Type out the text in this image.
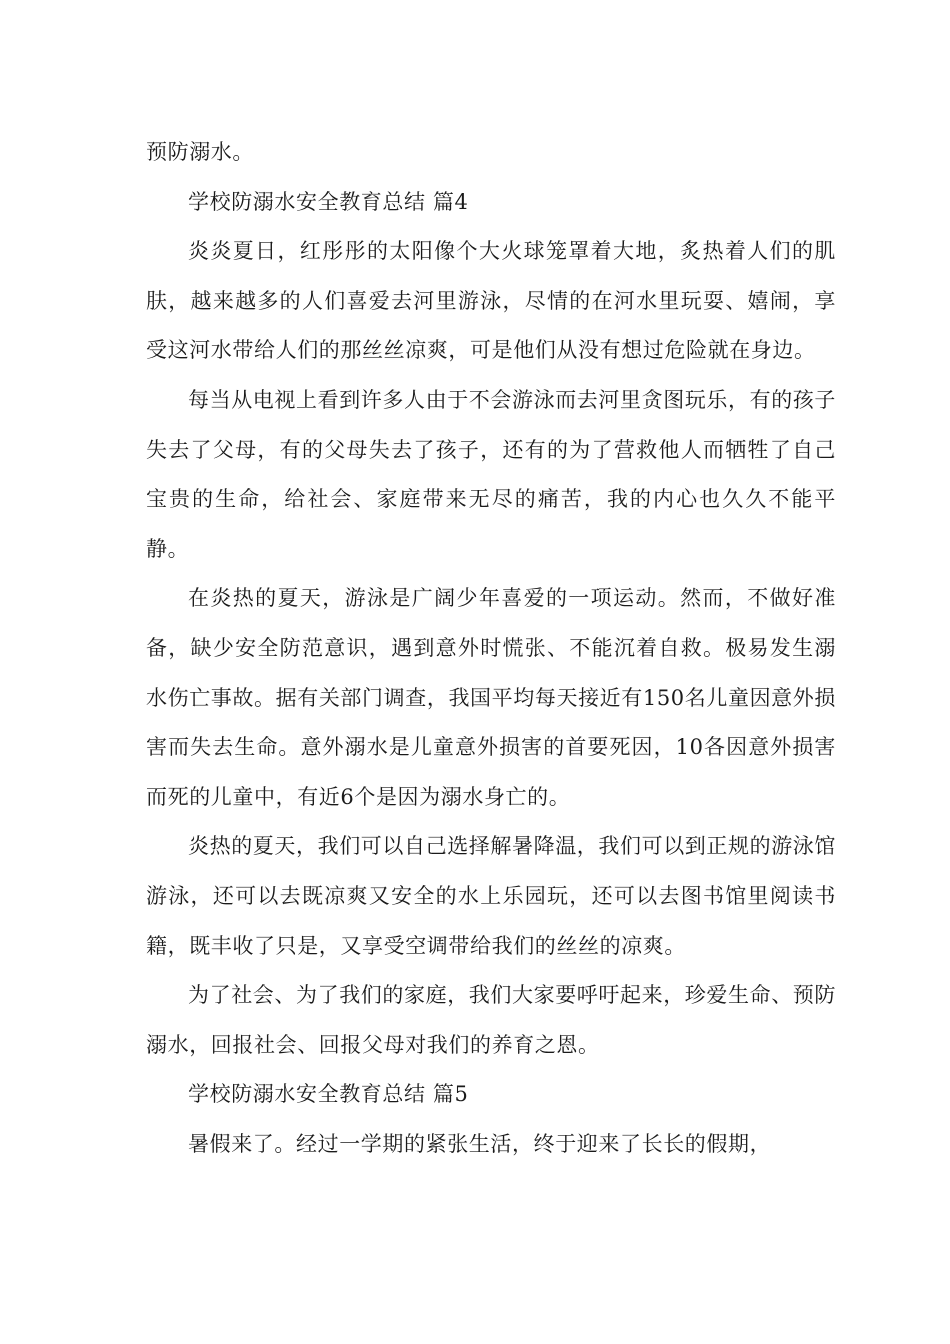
预防溺水。

学校防溺水安全教育总结 篇4

炎炎夏日，红彤彤的太阳像个大火球笼罩着大地，炙热着人们的肌肤，越来越多的人们喜爱去河里游泳，尽情的在河水里玩耍、嬉闹，享受这河水带给人们的那丝丝凉爽，可是他们从没有想过危险就在身边。

每当从电视上看到许多人由于不会游泳而去河里贪图玩乐，有的孩子失去了父母，有的父母失去了孩子，还有的为了营救他人而牺牲了自己宝贵的生命，给社会、家庭带来无尽的痛苦，我的内心也久久不能平静。

在炎热的夏天，游泳是广阔少年喜爱的一项运动。然而，不做好准备，缺少安全防范意识，遇到意外时慌张、不能沉着自救。极易发生溺水伤亡事故。据有关部门调查，我国平均每天接近有150名儿童因意外损害而失去生命。意外溺水是儿童意外损害的首要死因，10各因意外损害而死的儿童中，有近6个是因为溺水身亡的。

炎热的夏天，我们可以自己选择解暑降温，我们可以到正规的游泳馆游泳，还可以去既凉爽又安全的水上乐园玩，还可以去图书馆里阅读书籍，既丰收了只是，又享受空调带给我们的丝丝的凉爽。

为了社会、为了我们的家庭，我们大家要呼吁起来，珍爱生命、预防溺水，回报社会、回报父母对我们的养育之恩。

学校防溺水安全教育总结 篇5

暑假来了。经过一学期的紧张生活，终于迎来了长长的假期，
